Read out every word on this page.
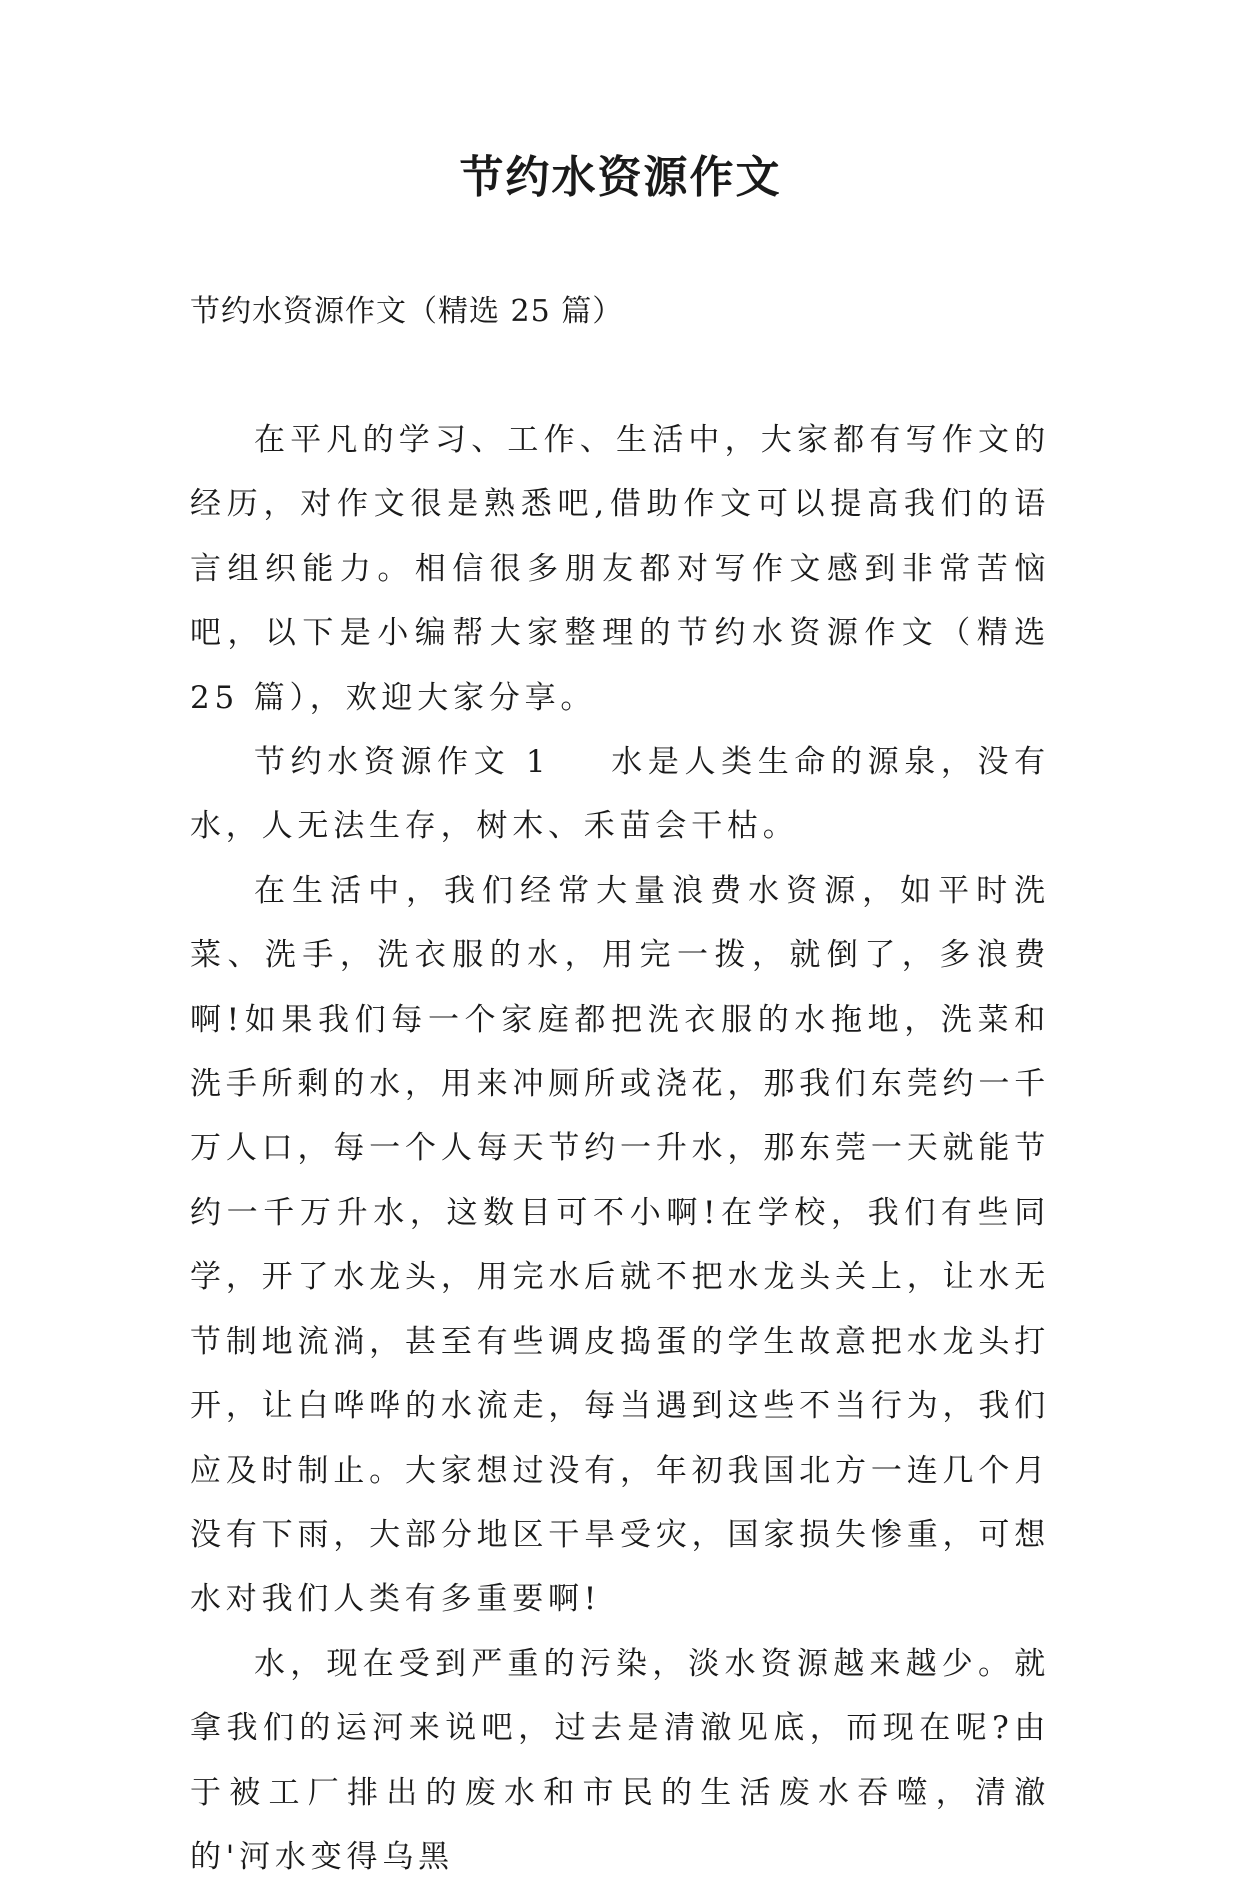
节约水资源作文
节约水资源作文（精选 25 篇）

在平凡的学习、工作、生活中，大家都有写作文的经历，对作文很是熟悉吧,借助作文可以提高我们的语言组织能力。相信很多朋友都对写作文感到非常苦恼吧，以下是小编帮大家整理的节约水资源作文（精选 25 篇），欢迎大家分享。

节约水资源作文 1 水是人类生命的源泉，没有水，人无法生存，树木、禾苗会干枯。

在生活中，我们经常大量浪费水资源，如平时洗菜、洗手，洗衣服的水，用完一拨，就倒了，多浪费啊!如果我们每一个家庭都把洗衣服的水拖地，洗菜和洗手所剩的水，用来冲厕所或浇花，那我们东莞约一千万人口，每一个人每天节约一升水，那东莞一天就能节约一千万升水，这数目可不小啊!在学校，我们有些同学，开了水龙头，用完水后就不把水龙头关上，让水无节制地流淌，甚至有些调皮捣蛋的学生故意把水龙头打开，让白哗哗的水流走，每当遇到这些不当行为，我们应及时制止。大家想过没有，年初我国北方一连几个月没有下雨，大部分地区干旱受灾，国家损失惨重，可想水对我们人类有多重要啊!

水，现在受到严重的污染，淡水资源越来越少。就拿我们的运河来说吧，过去是清澈见底，而现在呢?由于被工厂排出的废水和市民的生活废水吞噬，清澈的'河水变得乌黑
